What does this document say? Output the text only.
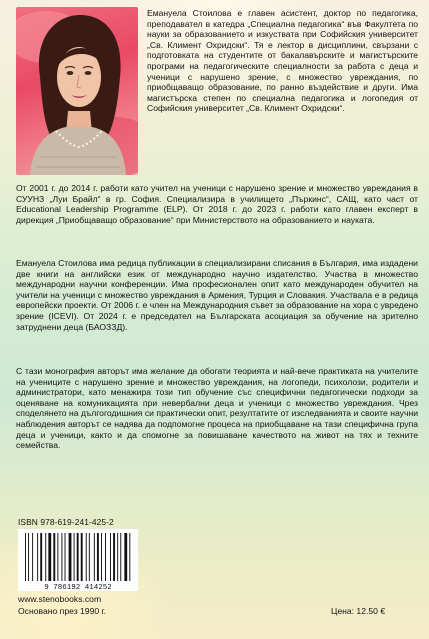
Емануела Стоилова е главен асистент, доктор по педагогика, преподавател в катедра „Специална педагогика“ във Факултета по науки за образованието и изкуствата при Софийския университет „Св. Климент Охридски“. Тя е лектор в дисциплини, свързани с подготовката на студентите от бакалавърските и магистърските програми на педагогическите специалности за работа с деца и ученици с нарушено зрение, с множество увреждания, по приобщаващо образование, по ранно въздействие и други. Има магистърска степен по специална педагогика и логопедия от Софийския университет „Св. Климент Охридски“.

От 2001 г. до 2014 г. работи като учител на ученици с нарушено зрение и множество увреждания в СУУНЗ „Луи Брайл“ в гр. София. Специализира в училището „Пъркинс“, САЩ, като част от Educational Leadership Programme (ELP). От 2018 г. до 2023 г. работи като главен експерт в дирекция „Приобщаващо образование“ при Министерството на образованието и науката.

Емануела Стоилова има редица публикации в специализирани списания в България, има издадени две книги на английски език от международно научно издателство. Участва в множество международни научни конференции. Има професионален опит като международен обучител на учители на ученици с множество увреждания в Армения, Турция и Словакия. Участвала е в редица европейски проекти. От 2006 г. е член на Международния съвет за образование на хора с увредено зрение (ICEVI). От 2024 г. е председател на Българската асоциация за обучение на зрително затруднени деца (БАОЗЗД).

С тази монография авторът има желание да обогати теорията и най-вече практиката на учителите на учениците с нарушено зрение и множество увреждания, на логопеди, психолози, родители и администратори, като менажира този тип обучение със специфични педагогически подходи за оценяване на комуникацията при невербални деца и ученици с множество увреждания. Чрез споделянето на дългогодишния си практически опит, резултатите от изследванията и своите научни наблюдения авторът се надява да подпомогне процеса на приобщаване на тази специфична група деца и ученици, както и да спомогне за повишаване качеството на живот на тях и техните семейства.

ISBN 978-619-241-425-2
9 786192 414252
www.stenobooks.com
Основано през 1990 г.	Цена: 12.50 €
